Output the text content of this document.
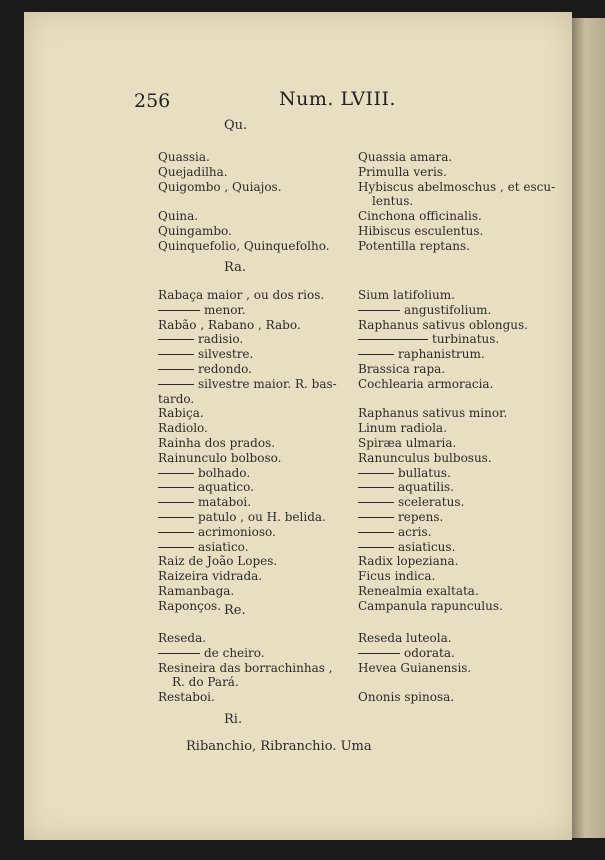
256	Num. LVIII.
Qu.
Quassia.
Quejadilha.
Quigombo , Quiajos.
Quina.
Quingambo.
Quinquefolio, Quinquefolho.
Quassia amara.
Primulla veris.
Hybiscus abelmoschus , et escu-
lentus.
Cinchona officinalis.
Hibiscus esculentus.
Potentilla reptans.
Ra.
Rabaça maior , ou dos rios.
menor.
Rabão , Rabano , Rabo.
radisio.
silvestre.
redondo.
silvestre maior. R. bas-
tardo.
Rabiça.
Radiolo.
Rainha dos prados.
Rainunculo bolboso.
bolhado.
aquatico.
mataboi.
patulo , ou H. belida.
acrimonioso.
asiatico.
Raiz de João Lopes.
Raizeira vidrada.
Ramanbaga.
Raponços.
Sium latifolium.
angustifolium.
Raphanus sativus oblongus.
turbinatus.
raphanistrum.
Brassica rapa.
Cochlearia armoracia.
Raphanus sativus minor.
Linum radiola.
Spiræa ulmaria.
Ranunculus bulbosus.
bullatus.
aquatilis.
sceleratus.
repens.
acris.
asiaticus.
Radix lopeziana.
Ficus indica.
Renealmia exaltata.
Campanula rapunculus.
Re.
Reseda.
de cheiro.
Resineira das borrachinhas ,
R. do Pará.
Restaboi.
Reseda luteola.
odorata.
Hevea Guianensis.
Ononis spinosa.
Ri.
Ribanchio, Ribranchio. Uma
